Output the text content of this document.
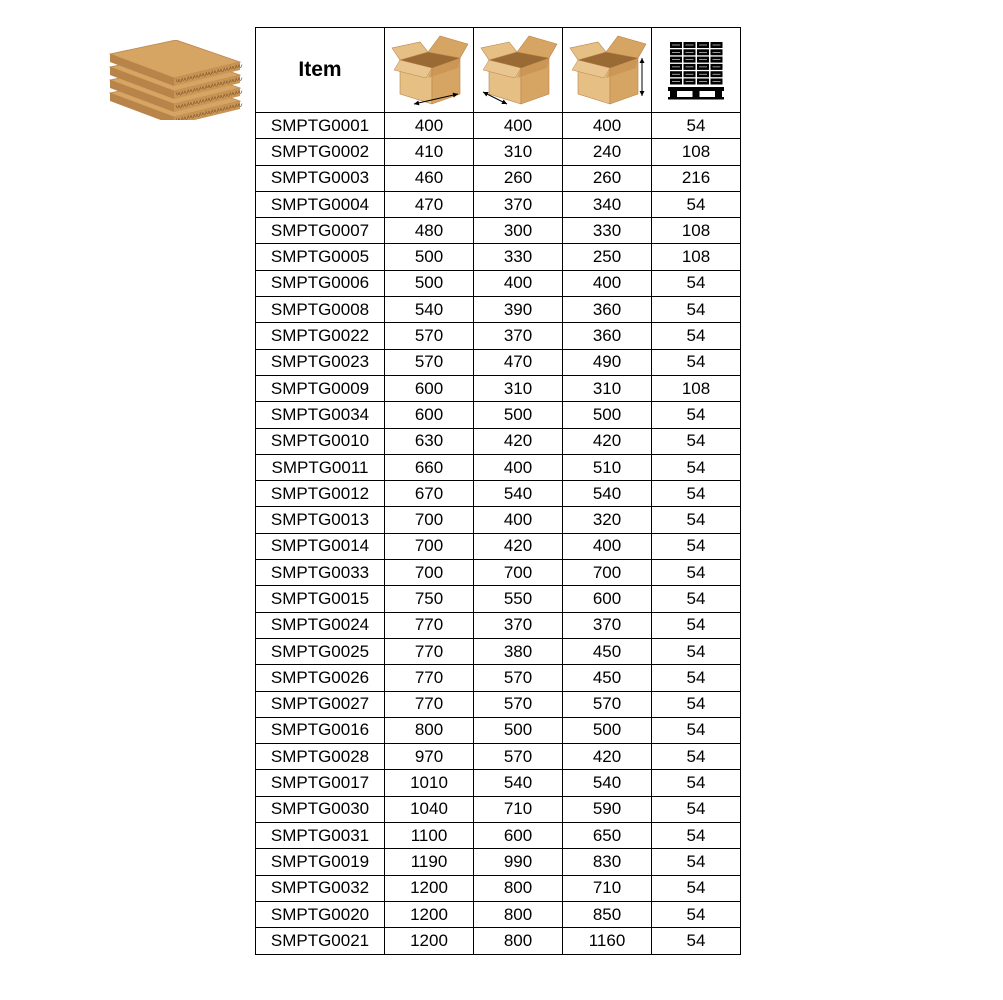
Item	

SMPTG0001	400	400	400	54
SMPTG0002	410	310	240	108
SMPTG0003	460	260	260	216
SMPTG0004	470	370	340	54
SMPTG0007	480	300	330	108
SMPTG0005	500	330	250	108
SMPTG0006	500	400	400	54
SMPTG0008	540	390	360	54
SMPTG0022	570	370	360	54
SMPTG0023	570	470	490	54
SMPTG0009	600	310	310	108
SMPTG0034	600	500	500	54
SMPTG0010	630	420	420	54
SMPTG0011	660	400	510	54
SMPTG0012	670	540	540	54
SMPTG0013	700	400	320	54
SMPTG0014	700	420	400	54
SMPTG0033	700	700	700	54
SMPTG0015	750	550	600	54
SMPTG0024	770	370	370	54
SMPTG0025	770	380	450	54
SMPTG0026	770	570	450	54
SMPTG0027	770	570	570	54
SMPTG0016	800	500	500	54
SMPTG0028	970	570	420	54
SMPTG0017	1010	540	540	54
SMPTG0030	1040	710	590	54
SMPTG0031	1100	600	650	54
SMPTG0019	1190	990	830	54
SMPTG0032	1200	800	710	54
SMPTG0020	1200	800	850	54
SMPTG0021	1200	800	1160	54
